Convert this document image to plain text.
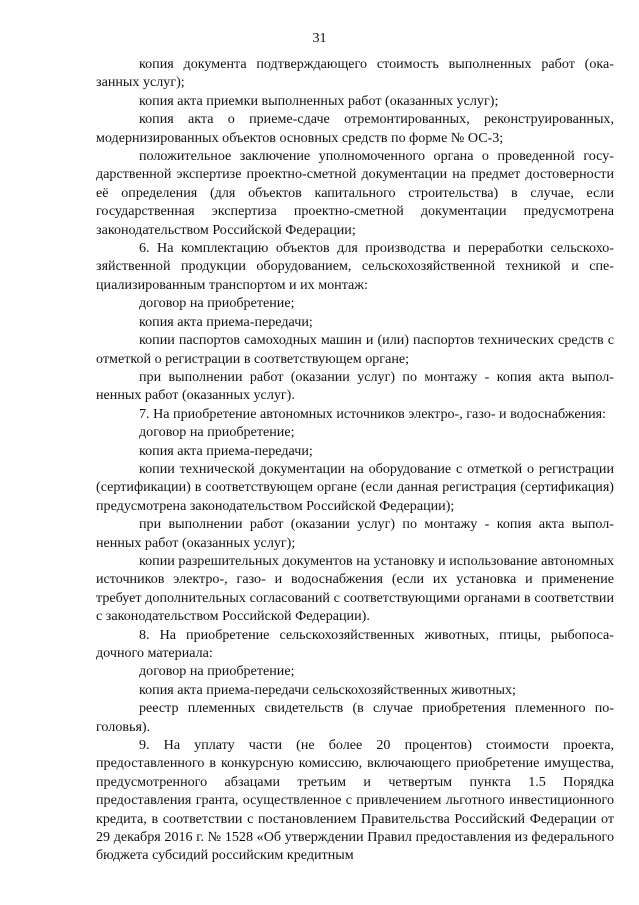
31

копия документа подтверждающего стоимость выполненных работ (оказанных услуг);

копия акта приемки выполненных работ (оказанных услуг);

копия акта о приеме-сдаче отремонтированных, реконструированных, модернизированных объектов основных средств по форме № ОС-3;

положительное заключение уполномоченного органа о проведенной государственной экспертизе проектно-сметной документации на предмет достоверности её определения (для объектов капитального строительства) в случае, если государственная экспертиза проектно-сметной документации предусмотрена законодательством Российской Федерации;

6. На комплектацию объектов для производства и переработки сельскохозяйственной продукции оборудованием, сельскохозяйственной техникой и специализированным транспортом и их монтаж:

договор на приобретение;

копия акта приема-передачи;

копии паспортов самоходных машин и (или) паспортов технических средств с отметкой о регистрации в соответствующем органе;

при выполнении работ (оказании услуг) по монтажу - копия акта выполненных работ (оказанных услуг).

7. На приобретение автономных источников электро-, газо- и водоснабжения:

договор на приобретение;

копия акта приема-передачи;

копии технической документации на оборудование с отметкой о регистрации (сертификации) в соответствующем органе (если данная регистрация (сертификация) предусмотрена законодательством Российской Федерации);

при выполнении работ (оказании услуг) по монтажу - копия акта выполненных работ (оказанных услуг);

копии разрешительных документов на установку и использование автономных источников электро-, газо- и водоснабжения (если их установка и применение требует дополнительных согласований с соответствующими органами в соответствии с законодательством Российской Федерации).

8. На приобретение сельскохозяйственных животных, птицы, рыбопосадочного материала:

договор на приобретение;

копия акта приема-передачи сельскохозяйственных животных;

реестр племенных свидетельств (в случае приобретения племенного поголовья).

9. На уплату части (не более 20 процентов) стоимости проекта, предоставленного в конкурсную комиссию, включающего приобретение имущества, предусмотренного абзацами третьим и четвертым пункта 1.5 Порядка предоставления гранта, осуществленное с привлечением льготного инвестиционного кредита, в соответствии с постановлением Правительства Российский Федерации от 29 декабря 2016 г. № 1528 «Об утверждении Правил предоставления из федерального бюджета субсидий российским кредитным
